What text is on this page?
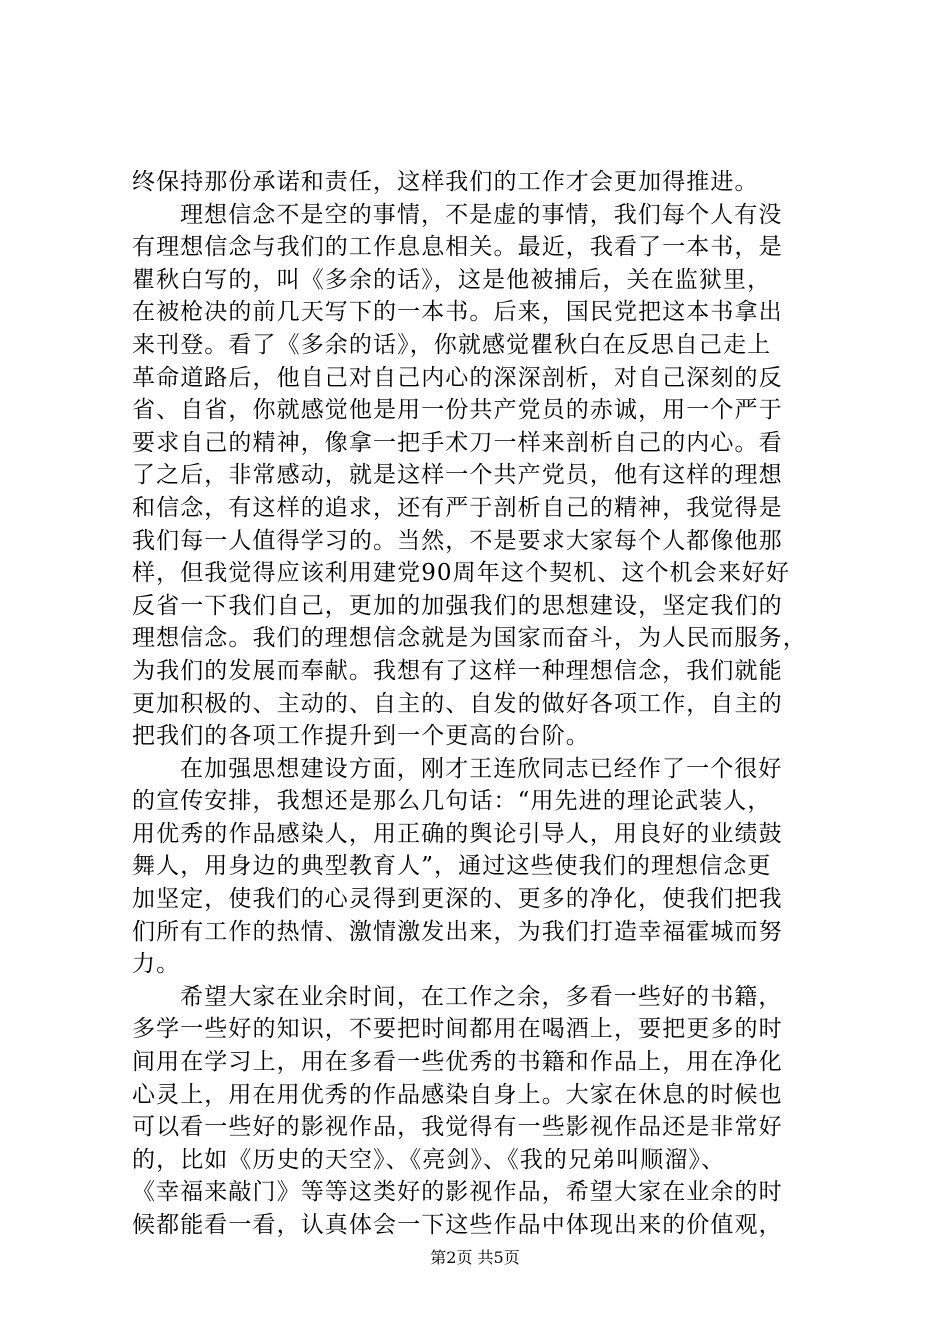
终保持那份承诺和责任，这样我们的工作才会更加得推进。
理想信念不是空的事情，不是虚的事情，我们每个人有没
有理想信念与我们的工作息息相关。最近，我看了一本书，是
瞿秋白写的，叫《多余的话》，这是他被捕后，关在监狱里，
在被枪决的前几天写下的一本书。后来，国民党把这本书拿出
来刊登。看了《多余的话》，你就感觉瞿秋白在反思自己走上
革命道路后，他自己对自己内心的深深剖析，对自己深刻的反
省、自省，你就感觉他是用一份共产党员的赤诚，用一个严于
要求自己的精神，像拿一把手术刀一样来剖析自己的内心。看
了之后，非常感动，就是这样一个共产党员，他有这样的理想
和信念，有这样的追求，还有严于剖析自己的精神，我觉得是
我们每一人值得学习的。当然，不是要求大家每个人都像他那
样，但我觉得应该利用建党90周年这个契机、这个机会来好好
反省一下我们自己，更加的加强我们的思想建设，坚定我们的
理想信念。我们的理想信念就是为国家而奋斗，为人民而服务，
为我们的发展而奉献。我想有了这样一种理想信念，我们就能
更加积极的、主动的、自主的、自发的做好各项工作，自主的
把我们的各项工作提升到一个更高的台阶。
在加强思想建设方面，刚才王连欣同志已经作了一个很好
的宣传安排，我想还是那么几句话：“用先进的理论武装人，
用优秀的作品感染人，用正确的舆论引导人，用良好的业绩鼓
舞人，用身边的典型教育人”，通过这些使我们的理想信念更
加坚定，使我们的心灵得到更深的、更多的净化，使我们把我
们所有工作的热情、激情激发出来，为我们打造幸福霍城而努
力。
希望大家在业余时间，在工作之余，多看一些好的书籍，
多学一些好的知识，不要把时间都用在喝酒上，要把更多的时
间用在学习上，用在多看一些优秀的书籍和作品上，用在净化
心灵上，用在用优秀的作品感染自身上。大家在休息的时候也
可以看一些好的影视作品，我觉得有一些影视作品还是非常好
的，比如《历史的天空》、《亮剑》、《我的兄弟叫顺溜》、
《幸福来敲门》等等这类好的影视作品，希望大家在业余的时
候都能看一看，认真体会一下这些作品中体现出来的价值观，
第2页 共5页
